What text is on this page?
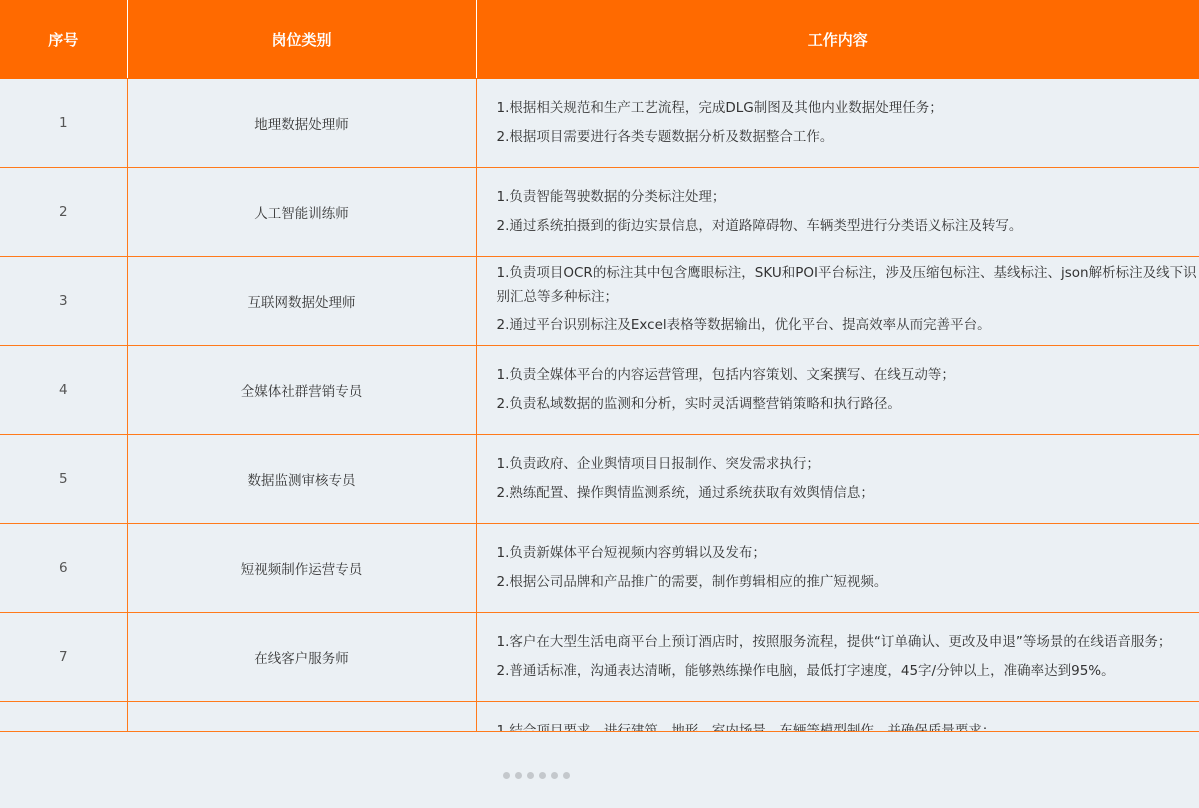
序号	岗位类别	工作内容
1	地理数据处理师	1.根据相关规范和生产工艺流程，完成DLG制图及其他内业数据处理任务；
2.根据项目需要进行各类专题数据分析及数据整合工作。

2	人工智能训练师	1.负责智能驾驶数据的分类标注处理；
2.通过系统拍摄到的街边实景信息，对道路障碍物、车辆类型进行分类语义标注及转写。

3	互联网数据处理师	1.负责项目OCR的标注其中包含鹰眼标注，SKU和POI平台标注，涉及压缩包标注、基线标注、json解析标注及线下识别汇总等多种标注；
2.通过平台识别标注及Excel表格等数据输出，优化平台、提高效率从而完善平台。

4	全媒体社群营销专员	1.负责全媒体平台的内容运营管理，包括内容策划、文案撰写、在线互动等；
2.负责私域数据的监测和分析，实时灵活调整营销策略和执行路径。

5	数据监测审核专员	1.负责政府、企业舆情项目日报制作、突发需求执行；
2.熟练配置、操作舆情监测系统，通过系统获取有效舆情信息；

6	短视频制作运营专员	1.负责新媒体平台短视频内容剪辑以及发布；
2.根据公司品牌和产品推广的需要，制作剪辑相应的推广短视频。

7	在线客户服务师	1.客户在大型生活电商平台上预订酒店时，按照服务流程，提供“订单确认、更改及申退”等场景的在线语音服务；
2.普通话标准，沟通表达清晰，能够熟练操作电脑，最低打字速度，45字/分钟以上，准确率达到95%。
